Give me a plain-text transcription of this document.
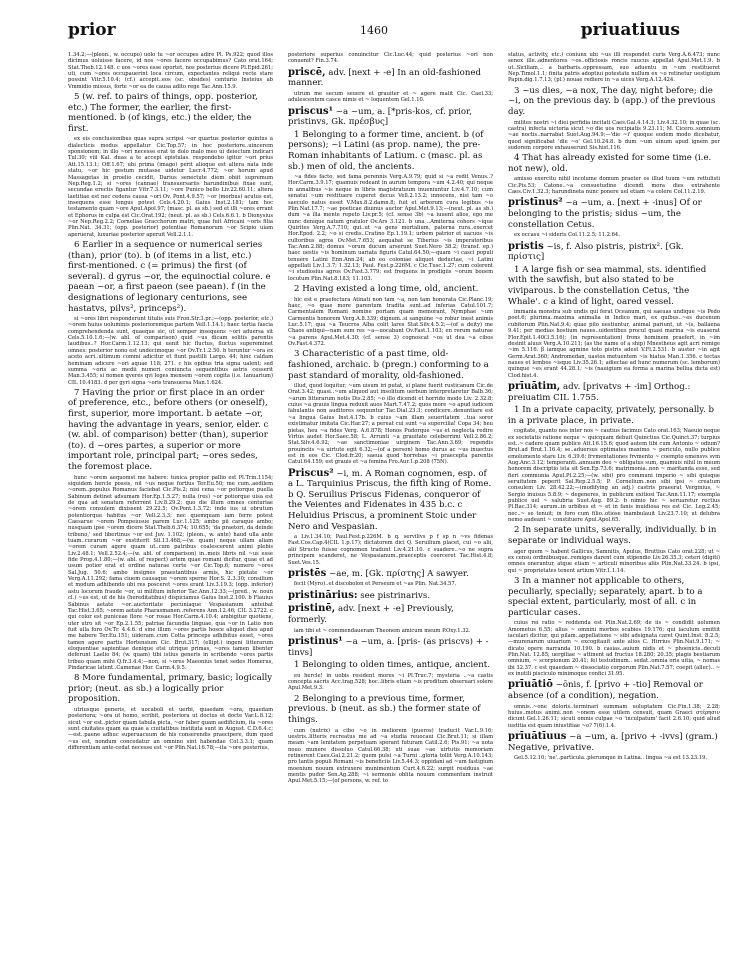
prior	1460	priuatiuus

1.34.2;—(pleon., w. occupo) uolo tu ~or occupes adire Pl. Ps.922; quod illos dicimus uoluisse facere, id nos ~ores facere occupabimus? Cato orat.164; Stat.Theb.12.148. c uos ~ores esse oportet, nos posterius dicere Pl.Epid.261; uti, cum ~ores occupauerint loca circum, expectantes reliqui recte stare possint Vitr.5.10.4; (cf.) accepit..eos (sc. obsides) centurio Insteius ab Vmmidio missus, forte ~or ea de causa adito rege Tac.Ann.15.9.

5 (w. ref. to pairs of things, opp. posterior, etc.) The former, the earlier, the first-mentioned. b (of kings, etc.) the elder, the first.

ex eis conclusionibus quas supra scripsi ~or quartus posterior quintus a dialecticis modus appellatur Cic.Top.57; in hoc posteriore..uincerem sponsionem; in illo ~ori necesse erat te dolo malo meo ui deiectum indicari Tul.30; viii Kal. duas a te accepi epistulas. respondebo igitur ~ori prius Att.15.13.1; Off.1.67; ubi prima (imago) perit alioque est altera nata inde statu, ~or hic gestum mutasse uidetur Lucr.4.772; ~or horum apud Massagetas in proelio cecidit, Darius senectute diem obiit supremum Nep.Reg.1.2; si ~ores (cannae) transuersariis harundinibus fixae sunt, secundae erectis figantur Vitr.7.3.11; ~ore Punico bello Liv.22.60.11; altera laetitiae est nec cedens causa ~ori Ov. Pont.4.9.57; ~or (morbus) acutus est, insequens esse longus potest Cels.4.20.1; Gaius Inst.2.181; tam hoc testamento quam ~ore Apul.Apol.97; (masc. pl. as sb.) sed et illi ~ores errant et Ephorus in culpa est Cic.Orat.192; (neut. pl. as sb.) Cels.6.6.1. b Dionysius ~or Nep.Reg.2.2; Corneliae Gracchorum matri, quae fuit Africani ~oris filia Plin.Nat. 34.31; (opp. posterior) potentiae Romanorum ~or Scipio uiam aperuerat, luxuriae posterior aperuit Vell.2.1.1.

6 Earlier in a sequence or numerical series (than), prior (to). b (of items in a list, etc.) first-mentioned. c (= primus) the first (of several). d gyrus ~or, the equinoctial colure. e paean ~or, a first paeon (see paean). f (in the designations of legionary centurions, see hastatvs, pilvs², princeps²).

si ~ores libri responderunt titulis suis Fron.Str.3.pr.;—(opp. posterior, etc.) ~orem huius uoluminis posterioremque partem Vell.1.14.1; haec tertia fascia comprehendenda sunt, quaeque sic, ut semper insequens ~ori aduersa sit Cels.5.10.1.6;—(w. abl. of comparison) quid ~us dicam solitis parentis laudibus..? Hor.Carm.1.12.13; qui uenit hic fluctus, fluctus supereminet omnes: posterior nono est undecimoque ~or Ov.Tr.1.2.50. b teruntur ~ora ex aceto acri..ultimum commi adicitur et fiunt pastilli Largo. 44; hinc caldam heminam adicere ~ori aquae 118; 271. c his opibus tria signa ualent; sed summa ~oris ac medii numeri coniuncta sequentibus astris cesserit Man.3.455; si nomen qveres qvi leges mensem ~orem cogita (i.e. Ianuarium) CIL 10.4183. d per gyri signa ~oris transuersa Man.1.624.

7 Having the prior or first place in an order of preference, etc., before others (or oneself), first, superior, more important. b aetate ~or, having the advantage in years, senior, elder. c (w. abl. of comparison) better (than), superior (to). d ~ores partes, a superior or more important role, principal part; ~ores sedes, the foremost place.

hunc ~orem aequomst me habere: tunica propior pallio est Pl.Trin.1154; siquidem hercle possis, nil ~us neque fortius Ter.Eu.50; me cum..aedilem ~orem..populus Romanus faciebat Cic.Pis.2; nisi cena ~or potiorque puella Sabinum detinet adsumam Hor.Ep.1.5.27; nulla (res) ~or potiorque uisa est de qua ad senatum referrent Liv.8.29.2; quo die illum omnes centuriae ~orem consulem dixissent 29.22.5; Ov.Pont.1.3.72; inde ius ui obrutum potentiorque habitus ~or Vell.2.3.3; nec quemquam iam ferre potest Caesarue ~orem Pompeiusue parem Luc.1.125; ambo pii caraque ambo; nusquam ipse ~orem dicere Stat.Theb.6.374; 10.655; 'da praetori, da deinde tribuno,' sed libertinus ~or est Juv. 1.102; (pleon., w. ante) haud ulla ante tuam..curarum ~or exstiterit Sil.13.468;—(w. quam) neque ullam aliam ~orem curam agere quam ut..cum patribus coalescerent animi plebis Liv.2.48.1; Vell.2.52.4;—(w. abl. of comparison) in..meis libris nil ~us esse fide Prop.4.1.80;—(w. abl. of respect) artem quae romani dicitur, quae et ad usum potior erat et ordine naturae certe ~or Cic.Top.6; numero ~ores Sal.Jug. 50.6; ambo insignes praestantibus armis, hic pietate ~or Verg.A.11.292; fama ciuem causaque ~orem sperne Hor.S. 2.3.30; consilium et modum adhibendo ubi res posceret ~ores erant Liv.3.19.3; (opp. inferior) astu locorum fraude ~or, ui militum inferior Tac.Ann.12.33;—(pred., w. noun cl.) ~us est, ut de his (hereditatibus) dispiciamus Gaius Inst.2.100. b Flauius Sabinus aetate ~or..auctoritate pecuniaque Vespasianum anteibat Tac.Hist.3.65; ~orem aetate Pharasmanen..referens Ann.12.46; CIL 3.2722. c qui color est puniceae flore ~or rosae Hor.Carm.4.10.4; ambigitur quotiens, uter utro sit ~or Ep.2.1.55; patriae facundia linguae, qua ~or in Latio non fuit ulla foro Ov.Tr. 4.4.6. d sine illum ~ores partis hosce aliquot dies apud me habere Ter.Eu.151; uideram..cum Cotta princeps adhibitus esset, ~ores tamen agere partis Hortensium Cic. Brut.317; (ellipt.) ingeni litterarum eloquentiae sapientiae denique etsi utrique primas, ~ores tamen libenter deferunt Laelio 84; (w. quam) tibi istius generis in scribendo ~ores partis tribuo quam mihi Q.fr.3.4.4;—non, si ~ores Maeonius tenet sedes Homerus, Pindaricae latent..Camenae Hor. Carm.4.9.5.

8 More fundamental, primary, basic; logically prior; (neut. as sb.) a logically prior proposition.

utriusque generis, et uocaboli et uerbi, quaedam ~ora, quaedam posteriora; ~ora ut homo, scribit, posteriora ut doctus et docte Var.L.8.12; sicut ~or est..pictor quam tabula picta, ~or faber quam aedificium, ita ~ores sunt ciuitates quam ea quae a ciuitatibus instituta sunt in August. C.D.6.4.c;—est..paene adhuc superuacuum de his conserendis praecipere, dum quod ~us est, nondum concedatur an omnino sint habendae Col.3.3.1; quam differentiam ante-cedat necesse est ~or Plin.Nat.16.78;—ita ~ore posterius,

posteriore superius conuincitur Cic.Luc.44; quid posterius ~ori non conuenit? Fin.3.74.

priscē, adv. [next + -e] In an old-fashioned manner.

utrum me secum seuere et grauiter et ~ agere malit Cic. Cael.33; adulescentem casce nimis et ~ loquentem Gel.1.10.

priscus¹ ~a ~um, a. [*pris-kos, cf. prior, pristinvs, Gk. πρέσβυς]

1 Belonging to a former time, ancient. b (of persons); ~i Latini (as prop. name), the pre-Roman inhabitants of Latium. c (masc. pl. as sb.) men of old, the ancients.

~a fides facto, sed fama perennis Verg.A.9.79; quid si ~a redit Venus..? Hor.Carm.3.9.17; quamuis redeant in aurum tempora ~um 4.2.40; qui neque in annalibus ~is neque in libris magistratuum inueniuntur Liv.4.7.10; cum senatui ~um restituere cuperet decus Vell.2.13.2; innocens, nisi tam ~o saeculo natus esset V.Max.8.2.damn.8; fuit et arborum cura legibus ~is Plin.Nat.17.7; ~ae poeticae diuinus auctor Apul.Met.9.13;—(neut. pl. as sb.) dum ~a illa mente repeto Liv.pr.5; (cf. sense 3b) ~a iuuent alios, ego me nunc denique natum gratulor Ov.Ars 3.121. b una ..Amiterna cohors ~ique Quirites Verg.A.7.710; qui..ut ~a gens mortalium, paterna rura..exercet Hor.Epod. 2.2; ~o si credis..Cratino Ep.1.19.1; urbem patrior et uacuos ~is cultoribus agros Ov.Met.7.653; aequabat se Tiberius ~is imperatoribus Tac.Ann.2.88; domus ~orum ducum arserunt Suet.Nero 38.2; (transf. ep.) haec uestis ~is hominum uariata figuris Catul.64.50;—quam ~i casci populi tenuere Latini Enn.Ann.24; ab eo coloniae aliquot deductae, ~i Latini appellati Liv.1.3.7; 1.32.13; Paul. Fest.p.226M. c Cic.Tusc.1.27; cum colerent ~i studiosius agros Ov.Fast.3.779; est frequens in prodigiis ~orum bouem locutum Plin.Nat.8.183; 11.103.

2 Having existed a long time, old, ancient.

hic est e praefectura Atinati non tam ~a, non tam honorata Cic.Planc.19; haec, ~o quae more parentum tradita sunt..ad inferias Catul.101.7; Carmentalem Romani nomine portam quam memorant, Nymphae ~um Carmentis honorem Verg.A.8.339; dignum..si sanguine ~o robur inest animis Luc.5.17; qua ~a Teucros Alba colit lares Stat.Silv.4.5.2;—(of a deity) me Chaos antiqui—nam sum res ~a—uocabant Ov.Fast.1.103; en rerum naturae ~a parens Apul.Met.4.30; (cf. sense 3) cognoscat ~os ut dea ~a cibos Ov.Fast.4.372.

3 Characteristic of a past time, old-fashioned, archaic. b (pregn.) conforming to a past standard of morality, old-fashioned.

illud, quod loquitur, ~um uisum iri putat, si plane fuerit rusticanum Cic.de Orat.3.42; quasi..~um aliquod aut insolitum uerbum interpretaretur Balb.36; ~arum litterarum notis Dis.2.85; ~o illo dicendi et horrido modo Liv. 2.32.8; cuius ~a grauis lingua reduxit auos Mart.7.47.2; quos more ~o apud iudicem fabulantis non auditores sequuntur Tac.Dial.23.3; condicere..denuntiare est ~a lingua Gaius Inst.4.17b. b cuius ~am illam seueritatem ..tua soror existimatur imitata Cic.Har.27; a pereat cui sunt ~a supercilia! Copa 34; heu pietas, heu ~a fides Verg. A.6.878; Honos Pudorque ~us et neglecta redire Virtus audet Hor.Saec.58; L. Arrunti ~a grauitate celeberrimi Vell.2.86.2; Stat.Silv.4.6.92; ~ae sanctimoniae uirginem Tac.Ann.3.69; regendis prouinciis ~a uirtute egit 6.32;—(of a person) homo durus ac ~us inuectus est in eos Cic. Clod.fr.20; saeua quod horrebas ~i praecepta parentis Catul.64.159; est grauis et ~a femina Fro.Aur.1.p.208 (75N).

Priscus² ~i, m. A Roman cognomen, esp. of a L. Tarquinius Priscus, the fifth king of Rome. b Q. Seruilius Priscus Fidenas, conqueror of the Veientes and Fidenates in 435 b.c. c Heluidius Priscus, a prominent Stoic under Nero and Vespasian.

a Liv.1.34.10; Paul.Fest.p.226M. b q. servilivs p f sp n ~vs fidenas Fast.Cos.Cap.4(CIL 1.p.17); dictatorem dici Q. Seruilium placet, cui ~o alii, alii Structo fuisse cognomen tradunt Liv.4.21.10. c suadere..~o ne supra principem scanderet, ne Vespasianum..praeceptis coerceret Tac.Hist.4.8; Suet.Ves.15.

pristēs ~ae, m. [Gk. πρίστης] A sawyer.

fecit (Myro)..et discobolon et Perseum et ~as Plin. Nat.34.57.

pristinārius: see pistrinarivs.

pristinē, adv. [next + -e] Previously, formerly.

iam tibi et ~ commendaueram Theonem amicum meum P.Oxy.1.32.

pristinus¹ ~a ~um, a. [pris- (as priscvs) + -tinvs]

1 Belonging to olden times, antique, ancient.

eu hercle! in uobis resident mores ~i Pl.Truc.7; mysteria ..~a castis concepta sacris Acc.trag.528; hoc..libris etiam ~is proditum obseruari solere Apul.Met.9.3.

2 Belonging to a previous time, former, previous. b (neut. as sb.) the former state of things.

cum (nutrix) a cibo ~o in meliorem (pueros) traducit Var.L.9.16; uestris..litteris recreatus me ad ~a studia reuocaui Cic.Brut.11; si illam meam ~am lenitatem perpetuam sperant futuram Catil.2.6; Pis.91; ~a uota nouo munere dissoluo Catul.66.38; uti suae ~ae uirtutis memoriam retinerent Caes.Gal.2.21.2; quem pulsi ~a Turni ..gloria tollit Verg.A.10.143; pro tantis populi Romani ~is beneficiis Liv.5.44.3; oppidani ad ~um fastigium moenium nouum extruxere munimentum Curt.4.6.22; surgit residuus ~ae mentis pudor Sen.Ag.288; ~i sermonis oblita nouum commentum instruit Apul.Met.5.15;—(of persons, w. ref. to

status, activity, etc.) coniunx ubi ~us illi respondet curis Verg.A.6.473; nunc senex ille..adnentores ~os..officiosis roncis raucus appellat Apul.Met.1.9. b ut..Siciliam,.. a barbaris..oppressam, suo aduentu in ~um restitueret Nep.Timol.1.1; finita patris adoptiui potestate nullum ex ~o retinetur uestigium Papin.dig.1.7.13; (pl.) nouae rediere in ~a uices Verg.A.12.424.

3 ~us dies, ~a nox, The day, night before; die ~i, on the previous day. b (app.) of the previous day.

milites nostri ~i diei perfidia incitati Caes.Gal.4.14.3; Liv.4.32.10; in quae (sc. castra) infecta uictoria sicut ~o die uos recipiatis 9.23.11; M. Cicero..somnium ~ae noctis..narrabat Suet.Aug.94.9;—'die ~i' quoque eodem modo dicebatur, quod significabat 'die ~o' Gel.10.24.8. b dum ~um uinum apud ignem per sudorem corpore exhauserunt Sis.hist.116.

4 That has already existed for some time (i.e. not new), old.

amisso exercitu nihil incolume domum praeter os illud tuum ~um rettulisti Cic.Pis.53; Catone..~a consuetudine dicendi mora dies extrahente Caes.Civ.1.32.3; harundineta nunc ponere uel etiam ~a colere Col.11.2.19.

pristīnus² ~a ~um, a. [next + -inus] Of or belonging to the pristis; sidus ~um, the constellation Cetus.

ex occasu ~i sideris Col.11.2.5; 11.2.64.

pristis ~is, f. Also pistris, pistrix². [Gk. πρίστις]

1 A large fish or sea mammal, sts. identified with the sawfish, but also stated to be viviparous. b the constellation Cetus, 'the Whale'. c a kind of light, oared vessel.

immania monstra sub undis qui ferat Oceanum, qui saeuas undique ~is Pedo poet.6; plurima..maxima animalia in Indico mari, ex quibus..~es ducenum cubitorum Plin.Nat.9.4; quae pilo uestiuntur, animal pariunt, ut ~is, ballaena 9.41; per medias hostium naues..uidentibus procul quasi marina ~is euaserat Flor.Epit.1.40(3.5.16); (in representation) frons hominem praefert, in ~im desinit aluus Verg.A.10.211; (as the name of a ship) Mnestheus agit acri remige ~im 5.116. β iamque agmine toto pistris adest V.Fl.2.531. b auster ~in agit Germ.Arat.360; Andromedan, uastos metuentem ~is hiatus Man.1.356. c tectas naues et lembos ~isque Liv.35.26.1; adiectae ad hunc numerum (sc. lemborum) quinque ~es erant 44.28.1; ~is (nauigium ea forma a marina bellua dicta est) Clod.hist.4.

prīuātim, adv. [privatvs + -im] Orthog.: preiuatim CIL 1.755.

1 In a private capacity, privately, personally. b in a private place, in private.

cogitate, quanto nos inter nos ~ cautius facimus Cato orat.163; Naeuio neque ex societatis ratione neque ~ quicquam debuit Quinctius Cic.Quinct.37; turpius est..~ cadere quam publice Att.16.15.6; quod autem tibi cum Antonio ~ odium? Brut.ad Brut.1.16.4; se..aduersus optimates maximo ~ periculo, nullo publice emolumento stare Liv. 6.39.6; frvmentationes frvmento ~ coempto emensvs svm Aug.Anc.3.12; temperanti..annuam deo ~ obligatus sum, quamuis nihil in meum honorem discriptio ista sit Sen.Ep.73.6; matrimonia..non ~ maritanda esse, sed fieri communia Apul.Pl.2.25;—(w. sibi) pro communi imperio ~ sibi quisque seruitutem peperit Sal.Rep.2.5.5; P. Cornelium..non sibi ipsi ~ creatum consulem Liv. 28.42.22;—(modifying an adj.) castris praeerat Verginius, ~ Sergio inuisus 5.8.9; ~ degeneres, in publicum exitiosi Tac.Ann.11.17; exempla publice uel ~ salubria Suet.Aug. 89.2. b nimio hic ~ seruaretur rectius Pl.Bac.314; aurum..in urbibus et ~ et in fanis inuidiosa res est Cic. Leg.2.45; nec..~ se tenuit; in foro cum filio..otiose inambulauit Liv.23.7.10; ut delubra nemo audeant ~ constituere Apul.Apol.65.

2 In separate units, severally, individually. b in separate or individual ways.

ager quem ~ habent Gallicus, Samnitis, Apulus, Bruttius Cato orat.228; ut ~ ex censu ordinibusque..remiges darent cum stipendio Liv.26.35.3; ceteri (digiti) omnes onerantur, atque etiam ~ articuli minoribus aliis Plin.Nat.33.24. b ipsi, qui ~ proprietates tenent artium Vitr.1.1.14.

3 In a manner not applicable to others, peculiarly, specially; separately, apart. b to a special extent, particularly, most of all. c in particular cases.

cuius rei ratio ~ reddenda est Plin.Nat.2.69; de iis ~ condidit uolumen Amometus 6.55; alius ~ omnini morbos scabies 19.176; qui iaculum emittit iaculari dicitur, qui pilam..appellatione ~ sibi adsignata caret Quint.Inst. 8.2.5;—murenarum uiuarium ~ excogitauit ante alios C. Hirrius Plin.Nat.9.171; ~ dicato opere narranda 10.190. b casias..auium nidis et ~ phoenicis..decuti Plin.Nat. 12.85; uergiliae ~ attinent ad fructus 18.280; 20.35; plagis bestiarum omnium, ~ scorpionum 20.41; fel testudinum.. sedat..omnia oris uitia, ~ nomas ibi 32.37. c est quaedam ~ dissociatio corporum Plin.Nat.7.57; coepit (allec).. ~ ex inutili pisciculo minimoque confici 31.95.

prīuātiō ~ōnis, f. [privo + -tio] Removal or absence (of a condition), negation.

omnis..~one doloris..terminari summam uoluptatem Cic.Fin.1.38; 2.28; huius..motus animi..non ~onem esse utilem censuit, quam Graeci στέρησιν dicunt Gel.1.26.11; sicuti omnis culpae ~o 'inculpatum' facit 2.6.10; quid aliud iustitia est quam iniustitiae ~o? 7(6).1.4.

prīuātīuus ~a ~um, a. [privo + -ivvs] (gram.) Negative, privative.

Gel.5.12.10; 'ne'..particula..plerumque in Latina.. lingua ~a est 13.23.19.
